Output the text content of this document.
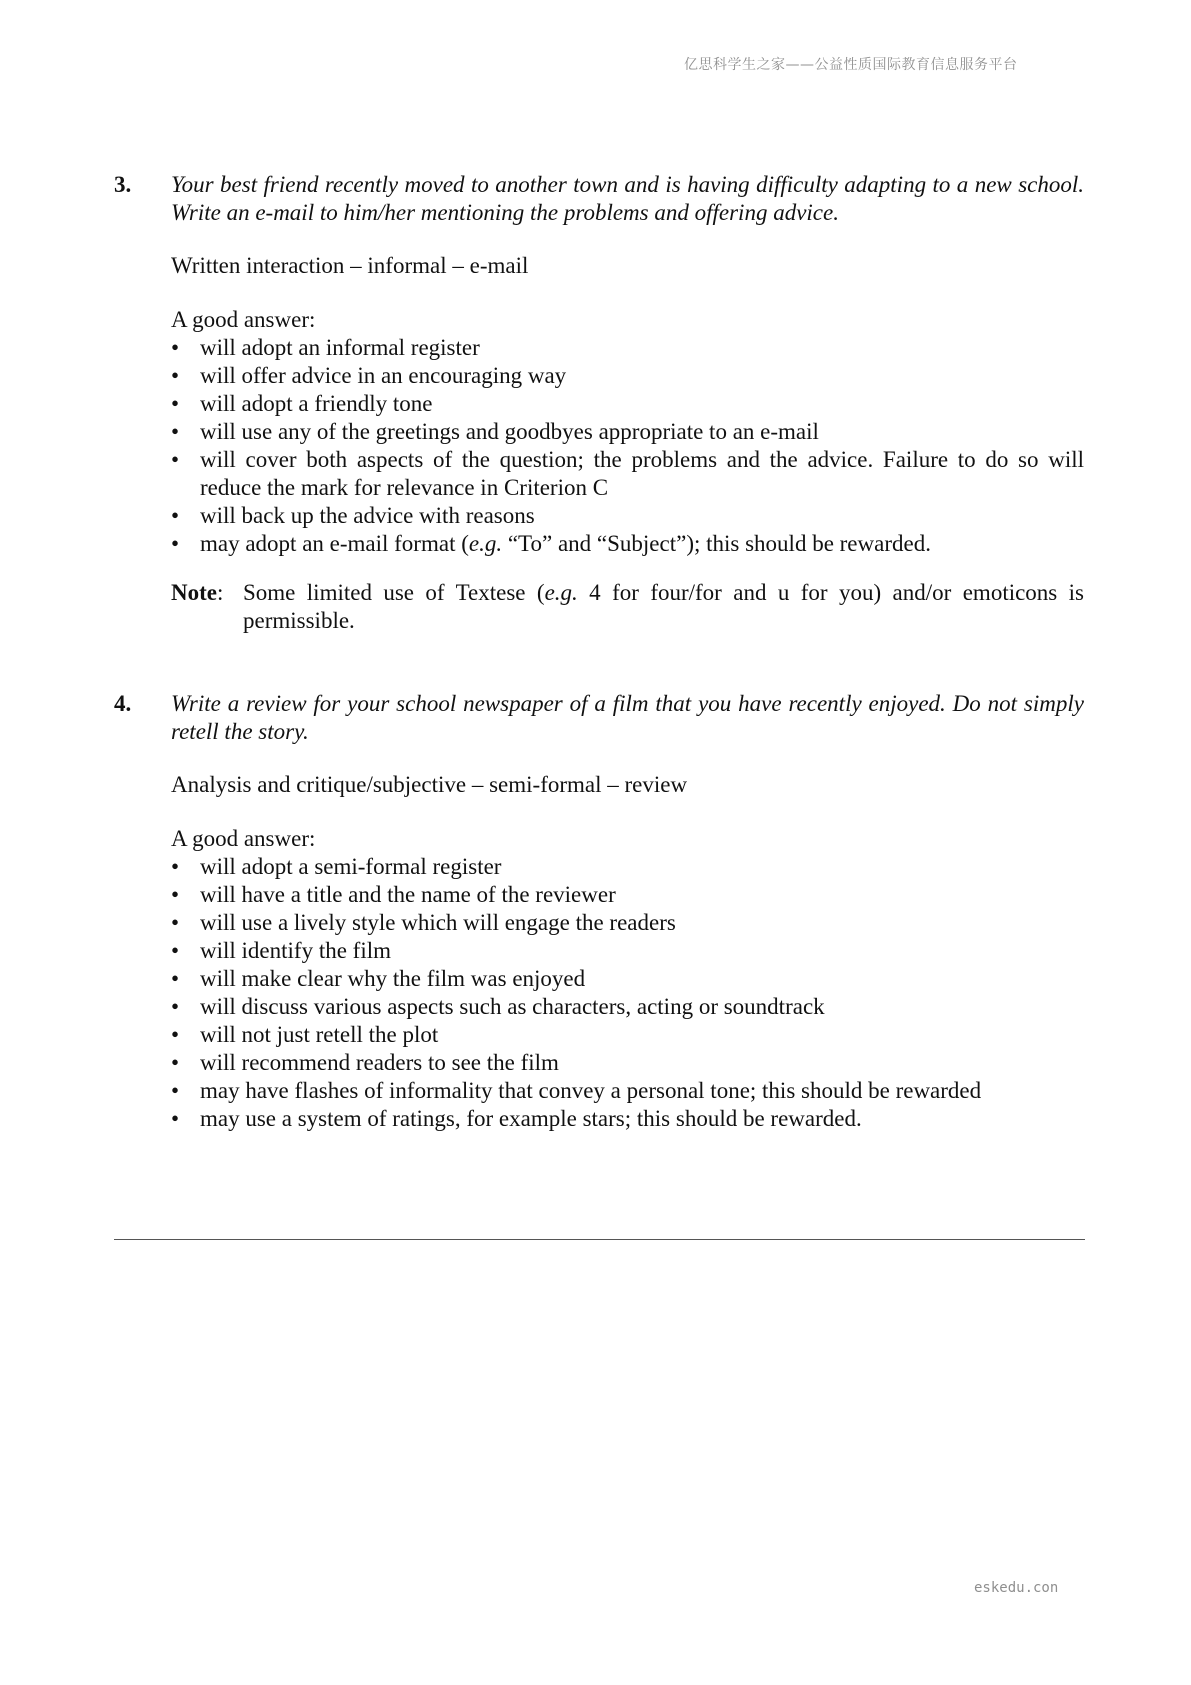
亿思科学生之家——公益性质国际教育信息服务平台
3.	Your best friend recently moved to another town and is having difficulty adapting to a new school. Write an e-mail to him/her mentioning the problems and offering advice.

Written interaction – informal – e-mail

A good answer:

• will adopt an informal register
• will offer advice in an encouraging way
• will adopt a friendly tone
• will use any of the greetings and goodbyes appropriate to an e-mail
• will cover both aspects of the question; the problems and the advice. Failure to do so will reduce the mark for relevance in Criterion C
• will back up the advice with reasons
• may adopt an e-mail format (e.g. “To” and “Subject”); this should be rewarded.
Note: Some limited use of Textese (e.g. 4 for four/for and u for you) and/or emoticons is permissible.
4.	Write a review for your school newspaper of a film that you have recently enjoyed. Do not simply retell the story.

Analysis and critique/subjective – semi-formal – review

A good answer:

• will adopt a semi-formal register
• will have a title and the name of the reviewer
• will use a lively style which will engage the readers
• will identify the film
• will make clear why the film was enjoyed
• will discuss various aspects such as characters, acting or soundtrack
• will not just retell the plot
• will recommend readers to see the film
• may have flashes of informality that convey a personal tone; this should be rewarded
• may use a system of ratings, for example stars; this should be rewarded.
eskedu.con
